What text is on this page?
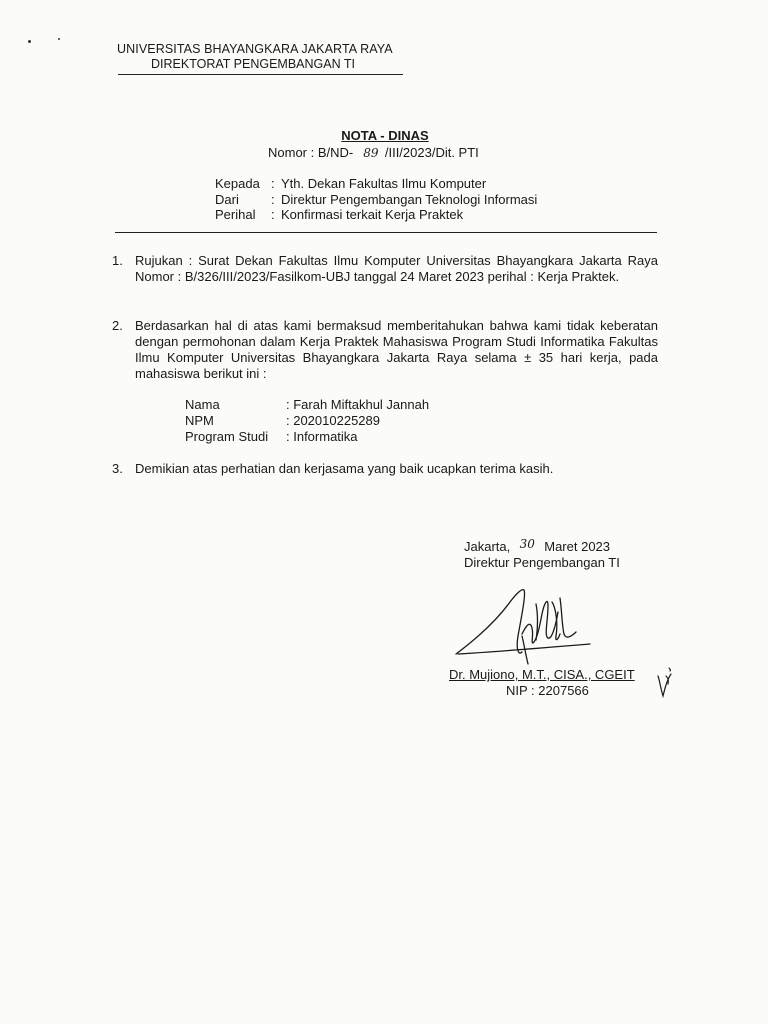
UNIVERSITAS BHAYANGKARA JAKARTA RAYA
DIREKTORAT PENGEMBANGAN TI
NOTA - DINAS
Nomor : B/ND- 89 /III/2023/Dit. PTI
Kepada : Yth. Dekan Fakultas Ilmu Komputer
Dari	: Direktur Pengembangan Teknologi Informasi
Perihal	: Konfirmasi terkait Kerja Praktek
1. Rujukan : Surat Dekan Fakultas Ilmu Komputer Universitas Bhayangkara Jakarta Raya Nomor : B/326/III/2023/Fasilkom-UBJ tanggal 24 Maret 2023 perihal : Kerja Praktek.
2. Berdasarkan hal di atas kami bermaksud memberitahukan bahwa kami tidak keberatan dengan permohonan dalam Kerja Praktek Mahasiswa Program Studi Informatika Fakultas Ilmu Komputer Universitas Bhayangkara Jakarta Raya selama ± 35 hari kerja, pada mahasiswa berikut ini :
Nama	: Farah Miftakhul Jannah
NPM	: 202010225289
Program Studi	: Informatika
3. Demikian atas perhatian dan kerjasama yang baik ucapkan terima kasih.
Jakarta, 30 Maret 2023
Direktur Pengembangan TI
Dr. Mujiono, M.T., CISA., CGEIT
NIP : 2207566
